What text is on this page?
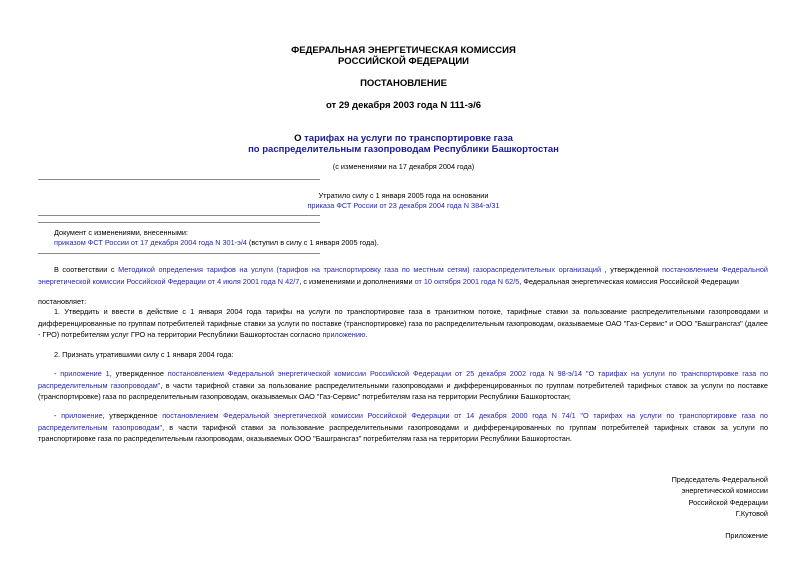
ФЕДЕРАЛЬНАЯ ЭНЕРГЕТИЧЕСКАЯ КОМИССИЯ
РОССИЙСКОЙ ФЕДЕРАЦИИ
ПОСТАНОВЛЕНИЕ
от 29 декабря 2003 года N 111-э/6
О тарифах на услуги по транспортировке газа
по распределительным газопроводам Республики Башкортостан
(с изменениями на 17 декабря 2004 года)
Утратило силу с 1 января 2005 года на основании
приказа ФСТ России от 23 декабря 2004 года N 384-э/31
Документ с изменениями, внесенными:
приказом ФСТ России от 17 декабря 2004 года N 301-э/4 (вступил в силу с 1 января 2005 года).
В соответствии с Методикой определения тарифов на услуги (тарифов на транспортировку газа по местным сетям) газораспределительных организаций , утвержденной постановлением Федеральной энергетической комиссии Российской Федерации от 4 июля 2001 года N 42/7, с изменениями и дополнениями от 10 октября 2001 года N 62/5, Федеральная энергетическая комиссия Российской Федерации
постановляет:
1. Утвердить и ввести в действие с 1 января 2004 года тарифы на услуги по транспортировке газа в транзитном потоке, тарифные ставки за пользование распределительными газопроводами и дифференцированные по группам потребителей тарифные ставки за услуги по поставке (транспортировке) газа по распределительным газопроводам, оказываемые ОАО "Газ-Сервис" и ООО "Башгрансгаз" (далее - ГРО) потребителям услуг ГРО на территории Республики Башкортостан согласно приложению.
2. Признать утратившими силу с 1 января 2004 года:
- приложение 1, утвержденное постановлением Федеральной энергетической комиссии Российской Федерации от 25 декабря 2002 года N 98-э/14 "О тарифах на услуги по транспортировке газа по распределительным газопроводам", в части тарифной ставки за пользование распределительными газопроводами и дифференцированных по группам потребителей тарифных ставок за услуги по поставке (транспортировке) газа по распределительным газопроводам, оказываемых ОАО "Газ-Сервис" потребителям газа на территории Республики Башкортостан;
- приложение, утвержденное постановлением Федеральной энергетической комиссии Российской Федерации от 14 декабря 2000 года N 74/1 "О тарифах на услуги по транспортировке газа по распределительным газопроводам", в части тарифной ставки за пользование распределительными газопроводами и дифференцированных по группам потребителей тарифных ставок за услуги по транспортировке газа по распределительным газопроводам, оказываемых ООО "Башгрансгаз" потребителям газа на территории Республики Башкортостан.
Председатель Федеральной
энергетической комиссии
Российской Федерации
Г.Кутовой
Приложение
